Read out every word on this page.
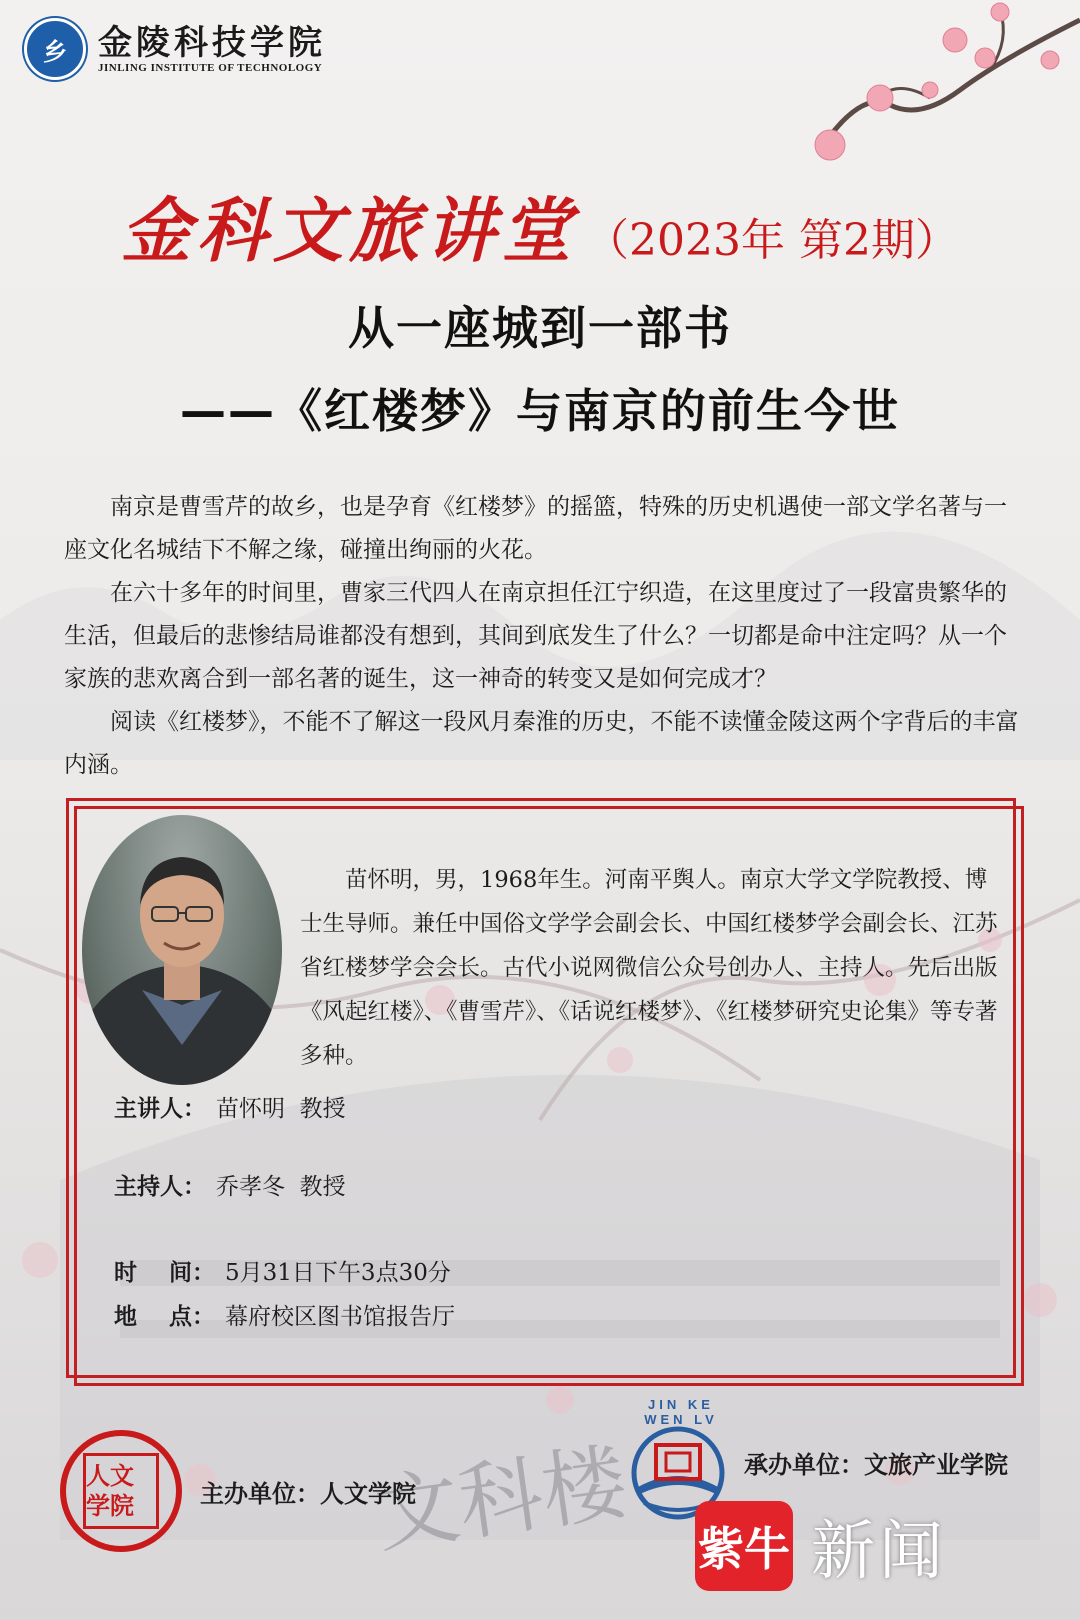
文科楼
乡 金陵科技学院
JINLING INSTITUTE OF TECHNOLOGY
金科文旅讲堂 （2023年 第2期）
从一座城到一部书
——《红楼梦》与南京的前生今世

南京是曹雪芹的故乡，也是孕育《红楼梦》的摇篮，特殊的历史机遇使一部文学名著与一座文化名城结下不解之缘，碰撞出绚丽的火花。

在六十多年的时间里，曹家三代四人在南京担任江宁织造，在这里度过了一段富贵繁华的生活，但最后的悲惨结局谁都没有想到，其间到底发生了什么？一切都是命中注定吗？从一个家族的悲欢离合到一部名著的诞生，这一神奇的转变又是如何完成才？

阅读《红楼梦》，不能不了解这一段风月秦淮的历史，不能不读懂金陵这两个字背后的丰富内涵。

苗怀明，男，1968年生。河南平舆人。南京大学文学院教授、博士生导师。兼任中国俗文学学会副会长、中国红楼梦学会副会长、江苏省红楼梦学会会长。古代小说网微信公众号创办人、主持人。先后出版《风起红楼》、《曹雪芹》、《话说红楼梦》、《红楼梦研究史论集》等专著多种。

主讲人： 苗怀明  教授
主持人： 乔孝冬  教授
时    间： 5月31日下午3点30分
地    点： 幕府校区图书馆报告厅
人文学院	主办单位：人文学院
JIN KE WEN LV
承办单位：文旅产业学院
紫牛 新闻
